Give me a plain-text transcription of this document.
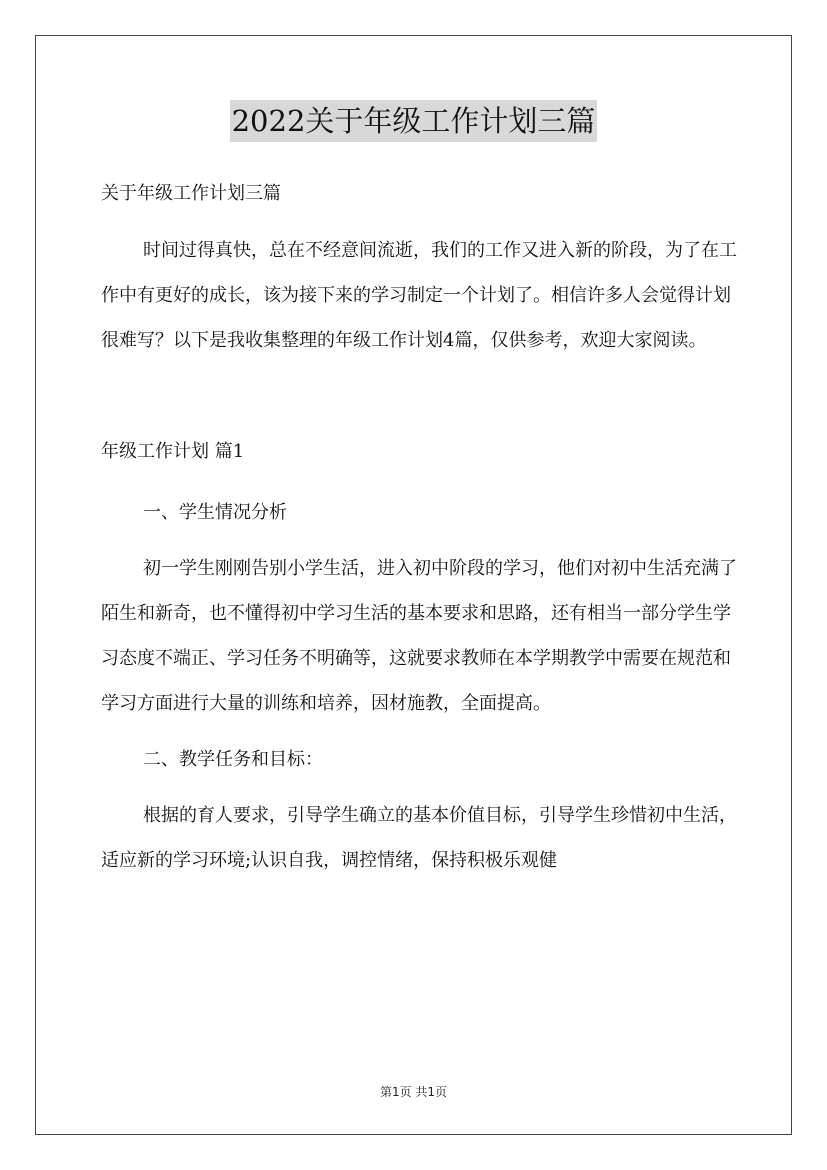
2022关于年级工作计划三篇

关于年级工作计划三篇

时间过得真快，总在不经意间流逝，我们的工作又进入新的阶段，为了在工作中有更好的成长，该为接下来的学习制定一个计划了。相信许多人会觉得计划很难写？以下是我收集整理的年级工作计划4篇，仅供参考，欢迎大家阅读。

年级工作计划 篇1

一、学生情况分析

初一学生刚刚告别小学生活，进入初中阶段的学习，他们对初中生活充满了陌生和新奇，也不懂得初中学习生活的基本要求和思路，还有相当一部分学生学习态度不端正、学习任务不明确等，这就要求教师在本学期教学中需要在规范和学习方面进行大量的训练和培养，因材施教，全面提高。

二、教学任务和目标：

根据的育人要求，引导学生确立的基本价值目标，引导学生珍惜初中生活，适应新的学习环境;认识自我，调控情绪，保持积极乐观健

第1页 共1页
